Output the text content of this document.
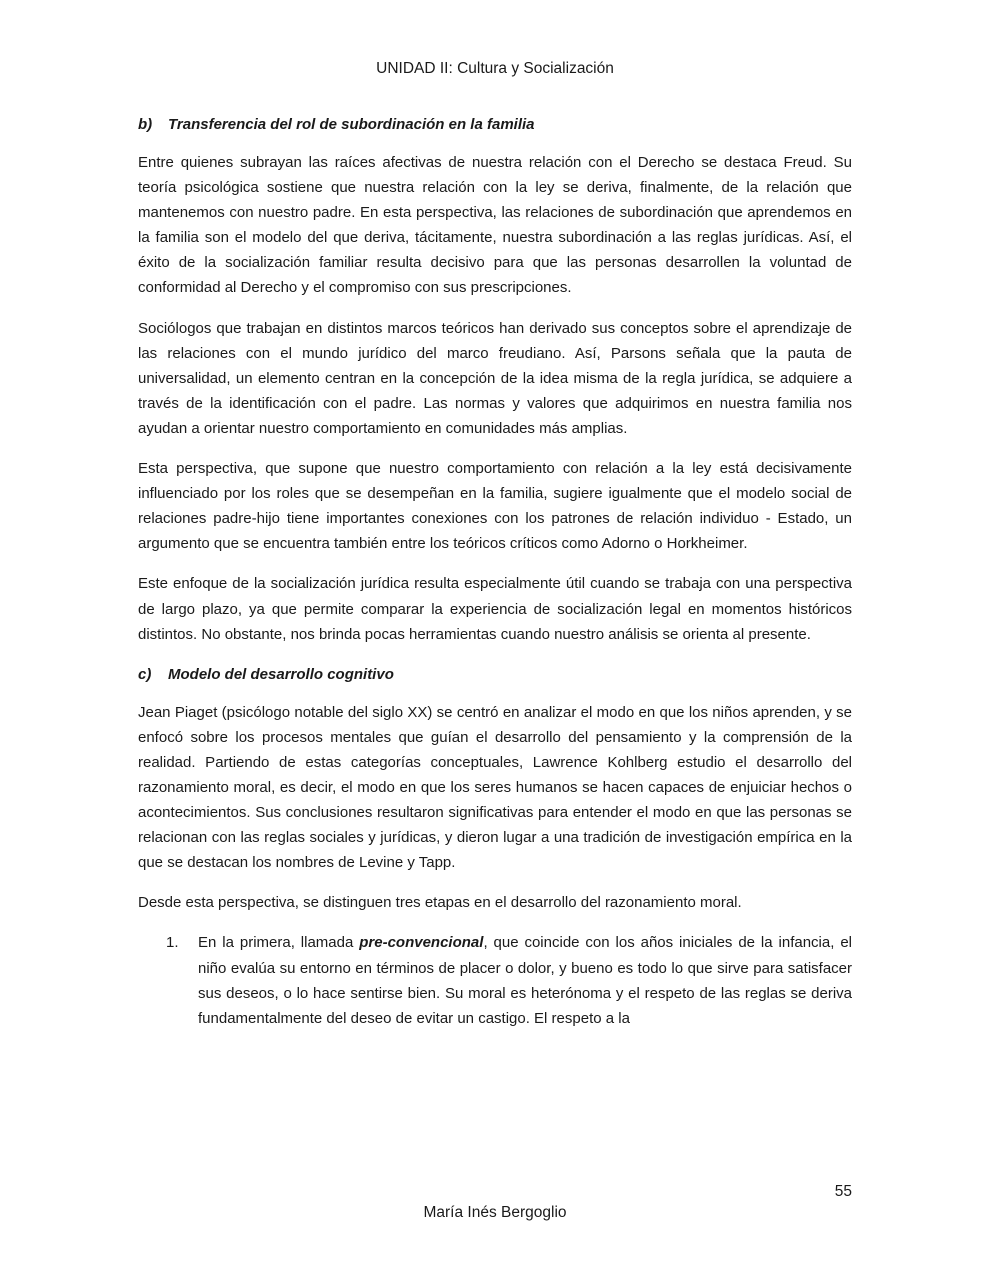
UNIDAD II: Cultura y Socialización
b) Transferencia del rol de subordinación en la familia

Entre quienes subrayan las raíces afectivas de nuestra relación con el Derecho se destaca Freud. Su teoría psicológica sostiene que nuestra relación con la ley se deriva, finalmente, de la relación que mantenemos con nuestro padre. En esta perspectiva, las relaciones de subordinación que aprendemos en la familia son el modelo del que deriva, tácitamente, nuestra subordinación a las reglas jurídicas. Así, el éxito de la socialización familiar resulta decisivo para que las personas desarrollen la voluntad de conformidad al Derecho y el compromiso con sus prescripciones.

Sociólogos que trabajan en distintos marcos teóricos han derivado sus conceptos sobre el aprendizaje de las relaciones con el mundo jurídico del marco freudiano. Así, Parsons señala que la pauta de universalidad, un elemento centran en la concepción de la idea misma de la regla jurídica, se adquiere a través de la identificación con el padre. Las normas y valores que adquirimos en nuestra familia nos ayudan a orientar nuestro comportamiento en comunidades más amplias.

Esta perspectiva, que supone que nuestro comportamiento con relación a la ley está decisivamente influenciado por los roles que se desempeñan en la familia, sugiere igualmente que el modelo social de relaciones padre-hijo tiene importantes conexiones con los patrones de relación individuo - Estado, un argumento que se encuentra también entre los teóricos críticos como Adorno o Horkheimer.

Este enfoque de la socialización jurídica resulta especialmente útil cuando se trabaja con una perspectiva de largo plazo, ya que permite comparar la experiencia de socialización legal en momentos históricos distintos. No obstante, nos brinda pocas herramientas cuando nuestro análisis se orienta al presente.

c) Modelo del desarrollo cognitivo

Jean Piaget (psicólogo notable del siglo XX) se centró en analizar el modo en que los niños aprenden, y se enfocó sobre los procesos mentales que guían el desarrollo del pensamiento y la comprensión de la realidad. Partiendo de estas categorías conceptuales, Lawrence Kohlberg estudio el desarrollo del razonamiento moral, es decir, el modo en que los seres humanos se hacen capaces de enjuiciar hechos o acontecimientos. Sus conclusiones resultaron significativas para entender el modo en que las personas se relacionan con las reglas sociales y jurídicas, y dieron lugar a una tradición de investigación empírica en la que se destacan los nombres de Levine y Tapp.

Desde esta perspectiva, se distinguen tres etapas en el desarrollo del razonamiento moral.

1. En la primera, llamada pre-convencional, que coincide con los años iniciales de la infancia, el niño evalúa su entorno en términos de placer o dolor, y bueno es todo lo que sirve para satisfacer sus deseos, o lo hace sentirse bien. Su moral es heterónoma y el respeto de las reglas se deriva fundamentalmente del deseo de evitar un castigo. El respeto a la
55
María Inés Bergoglio
